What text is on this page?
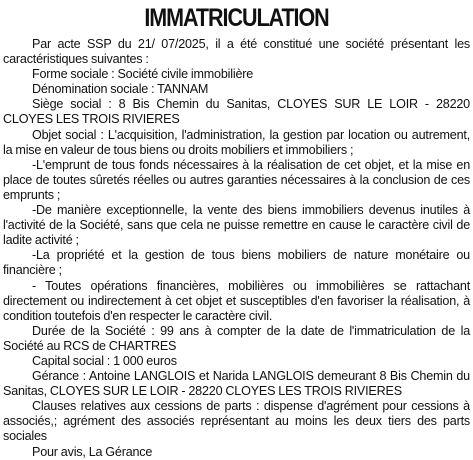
IMMATRICULATION

Par acte SSP du 21/ 07/2025, il a été constitué une société présentant les caractéristiques suivantes :

Forme sociale : Société civile immobilière

Dénomination sociale : TANNAM

Siège social : 8 Bis Chemin du Sanitas, CLOYES SUR LE LOIR - 28220 CLOYES LES TROIS RIVIERES

Objet social : L'acquisition, l'administration, la gestion par location ou autrement, la mise en valeur de tous biens ou droits mobiliers et immobiliers ;

-L'emprunt de tous fonds nécessaires à la réalisation de cet objet, et la mise en place de toutes sûretés réelles ou autres garanties nécessaires à la conclusion de ces emprunts ;

-De manière exceptionnelle, la vente des biens immobiliers devenus inutiles à l'activité de la Société, sans que cela ne puisse remettre en cause le caractère civil de ladite activité ;

-La propriété et la gestion de tous biens mobiliers de nature monétaire ou financière ;

- Toutes opérations financières, mobilières ou immobilières se rattachant directement ou indirectement à cet objet et susceptibles d'en favoriser la réalisation, à condition toutefois d'en respecter le caractère civil.

Durée de la Société : 99 ans à compter de la date de l'immatriculation de la Société au RCS de CHARTRES

Capital social : 1 000 euros

Gérance : Antoine LANGLOIS et Narida LANGLOIS demeurant 8 Bis Chemin du Sanitas, CLOYES SUR LE LOIR - 28220 CLOYES LES TROIS RIVIERES

Clauses relatives aux cessions de parts : dispense d'agrément pour cessions à associés,; agrément des associés représentant au moins les deux tiers des parts sociales

Pour avis, La Gérance
